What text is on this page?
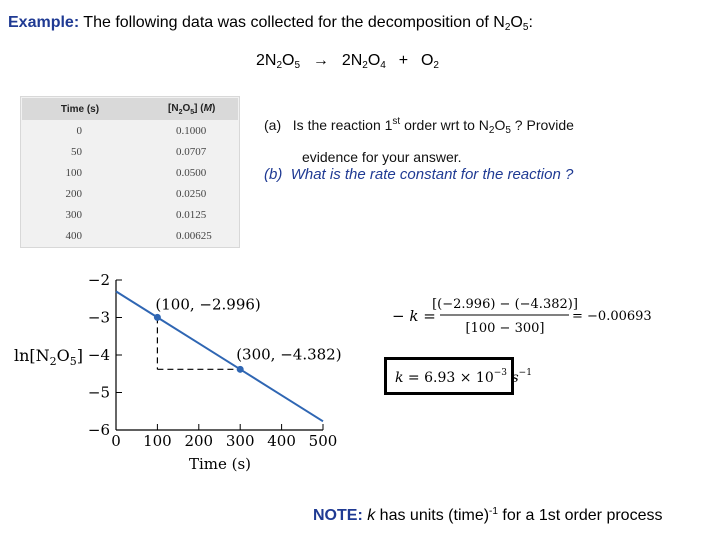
Example: The following data was collected for the decomposition of $N_2O_5$:
$2N_2O_5 \to 2N_2O_4 + O_2$
Time (s)	$[N_2O_5]$ (M)
0	0.1000
50	0.0707
100	0.0500
200	0.0250
300	0.0125
400	0.00625
(a) Is the reaction 1st order wrt to $N_2O_5$ ? Provide
evidence for your answer.
(b) What is the rate constant for the reaction ?
−2
−3
−4
−5
−6
0 100 200 300 400 500
(100, −2.996)
(300, −4.382)
$\ln[N_2O_5]$
Time (s)
− k =
[(−2.996) − (−4.382)]
[100 − 300]
= −0.00693
$k = 6.93 \times 10^{-3}$ $s^{-1}$
NOTE: k has units (time)$^{-1}$ for a 1st order process
